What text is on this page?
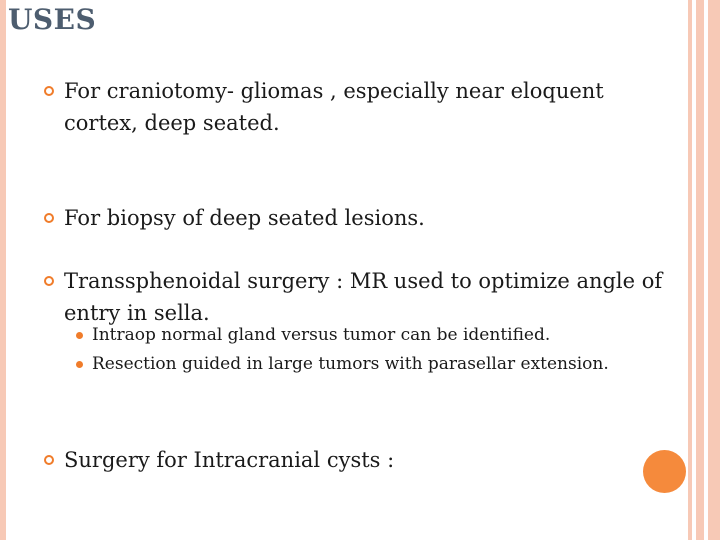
USES
For craniotomy- gliomas , especially near eloquent cortex, deep seated.
For biopsy of deep seated lesions.
Transsphenoidal surgery : MR used to optimize angle of entry in sella.
Intraop normal gland versus tumor can be identified.
Resection guided in large tumors with parasellar extension.
Surgery for Intracranial cysts :
